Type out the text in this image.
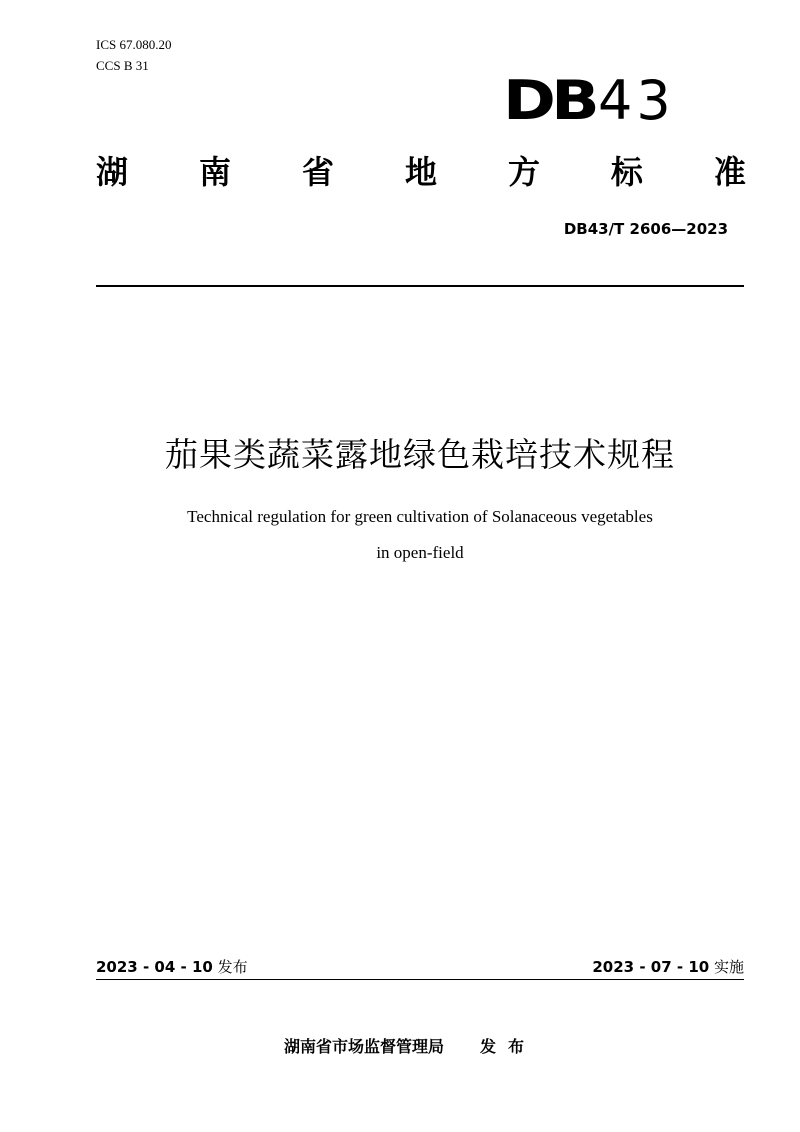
ICS 67.080.20
CCS B 31
DB43
湖 南 省 地 方 标 准
DB43/T 2606—2023
茄果类蔬菜露地绿色栽培技术规程
Technical regulation for green cultivation of Solanaceous vegetables
in open-field
2023 - 04 - 10 发布	2023 - 07 - 10 实施
湖南省市场监督管理局 发布
